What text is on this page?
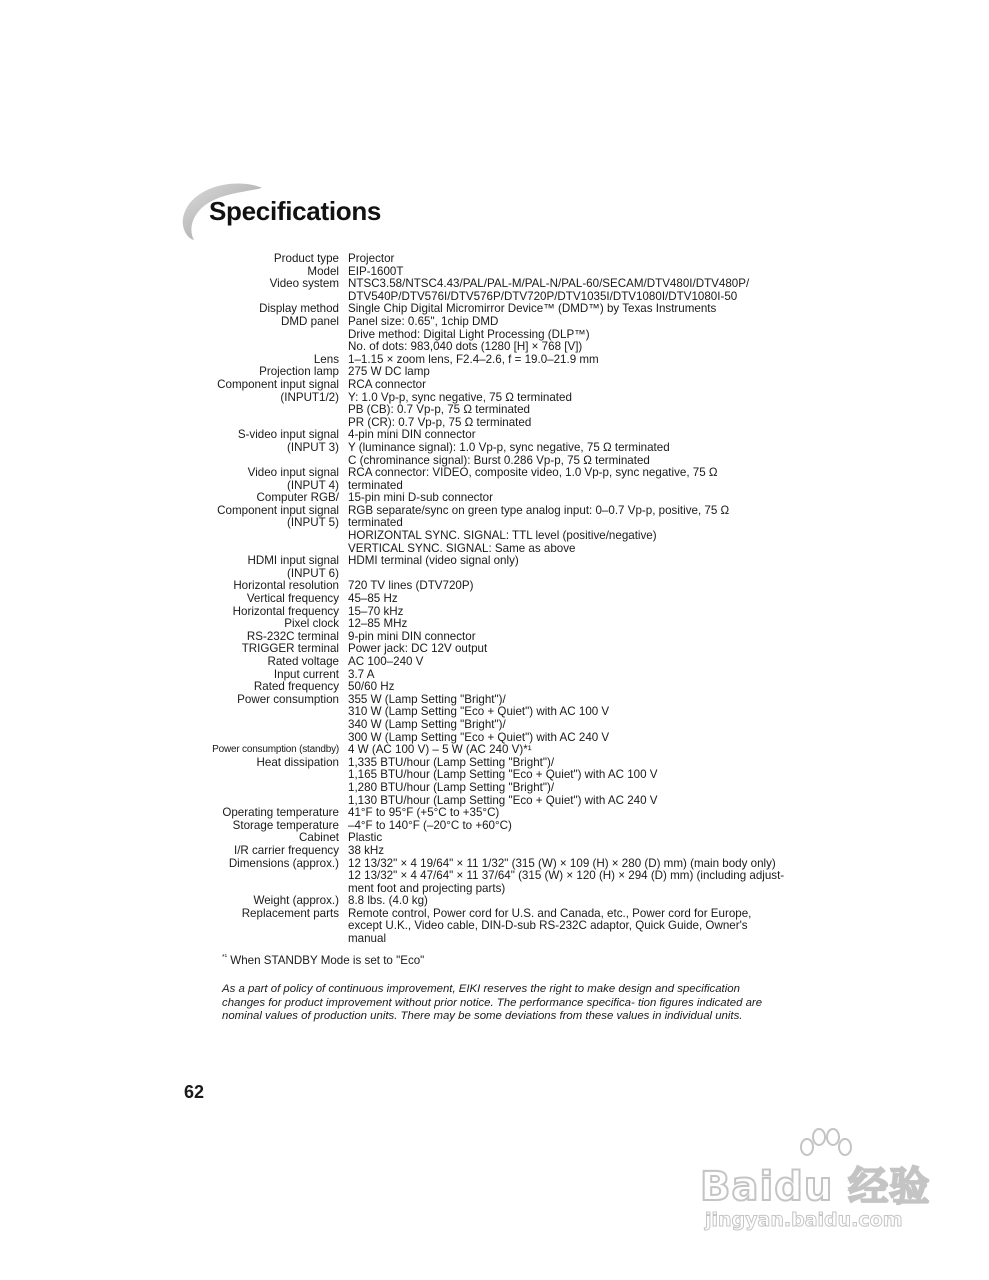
Specifications
Product type Projector
Model EIP-1600T
Video system NTSC3.58/NTSC4.43/PAL/PAL-M/PAL-N/PAL-60/SECAM/DTV480I/DTV480P/
DTV540P/DTV576I/DTV576P/DTV720P/DTV1035I/DTV1080I/DTV1080I-50
Display method Single Chip Digital Micromirror Device™ (DMD™) by Texas Instruments
DMD panel Panel size: 0.65", 1chip DMD
Drive method: Digital Light Processing (DLP™)
No. of dots: 983,040 dots (1280 [H] × 768 [V])
Lens 1–1.15 × zoom lens, F2.4–2.6, f = 19.0–21.9 mm
Projection lamp 275 W DC lamp
Component input signal
(INPUT1/2)
RCA connector
Y: 1.0 Vp-p, sync negative, 75 Ω terminated
PB (CB): 0.7 Vp-p, 75 Ω terminated
PR (CR): 0.7 Vp-p, 75 Ω terminated
S-video input signal
(INPUT 3)
4-pin mini DIN connector
Y (luminance signal): 1.0 Vp-p, sync negative, 75 Ω terminated
C (chrominance signal): Burst 0.286 Vp-p, 75 Ω terminated
Video input signal
(INPUT 4)
RCA connector: VIDEO, composite video, 1.0 Vp-p, sync negative, 75 Ω
terminated
Computer RGB/
Component input signal
(INPUT 5)
15-pin mini D-sub connector
RGB separate/sync on green type analog input: 0–0.7 Vp-p, positive, 75 Ω terminated
HORIZONTAL SYNC. SIGNAL: TTL level (positive/negative)
VERTICAL SYNC. SIGNAL: Same as above
HDMI input signal
(INPUT 6)
HDMI terminal (video signal only)
Horizontal resolution 720 TV lines (DTV720P)
Vertical frequency 45–85 Hz
Horizontal frequency 15–70 kHz
Pixel clock 12–85 MHz
RS-232C terminal 9-pin mini DIN connector
TRIGGER terminal Power jack: DC 12V output
Rated voltage AC 100–240 V
Input current 3.7 A
Rated frequency 50/60 Hz
Power consumption 355 W (Lamp Setting "Bright")/
310 W (Lamp Setting "Eco + Quiet") with AC 100 V
340 W (Lamp Setting "Bright")/
300 W (Lamp Setting "Eco + Quiet") with AC 240 V
Power consumption (standby) 4 W (AC 100 V) – 5 W (AC 240 V)*¹
Heat dissipation 1,335 BTU/hour (Lamp Setting "Bright")/
1,165 BTU/hour (Lamp Setting "Eco + Quiet") with AC 100 V
1,280 BTU/hour (Lamp Setting "Bright")/
1,130 BTU/hour (Lamp Setting "Eco + Quiet") with AC 240 V
Operating temperature 41°F to 95°F (+5°C to +35°C)
Storage temperature –4°F to 140°F (–20°C to +60°C)
Cabinet Plastic
I/R carrier frequency 38 kHz
Dimensions (approx.) 12 13/32" × 4 19/64" × 11 1/32" (315 (W) × 109 (H) × 280 (D) mm) (main body only)
12 13/32" × 4 47/64" × 11 37/64" (315 (W) × 120 (H) × 294 (D) mm) (including adjust-
ment foot and projecting parts)
Weight (approx.) 8.8 lbs. (4.0 kg)
Replacement parts Remote control, Power cord for U.S. and Canada, etc., Power cord for Europe,
except U.K., Video cable, DIN-D-sub RS-232C adaptor, Quick Guide, Owner's
manual
$^{*^1}$ When STANDBY Mode is set to "Eco"

As a part of policy of continuous improvement, EIKI reserves the right to make design and specification changes for product improvement without prior notice. The performance specifica- tion figures indicated are nominal values of production units. There may be some deviations from these values in individual units.

62

Baidu 经验
jingyan.baidu.com
